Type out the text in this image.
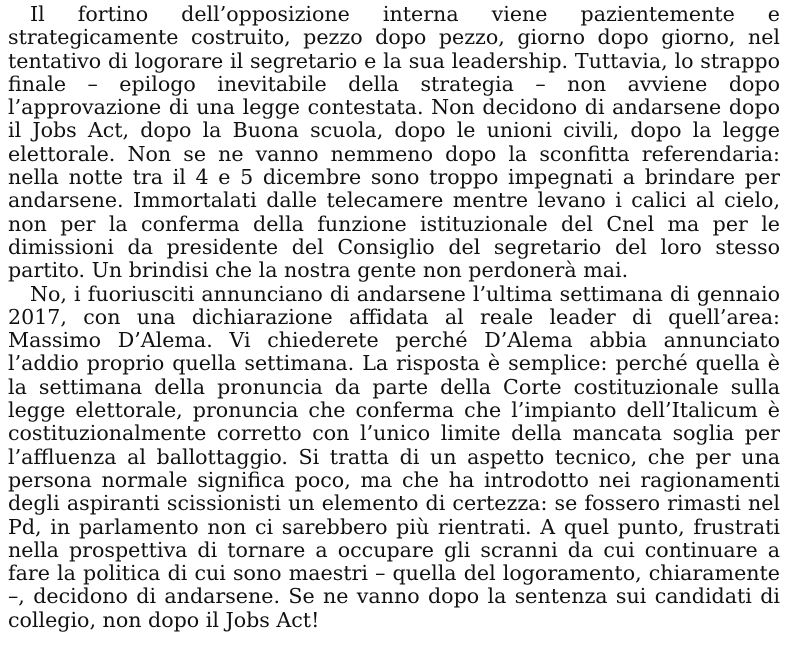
Il fortino dell’opposizione interna viene pazientemente e strategicamente costruito, pezzo dopo pezzo, giorno dopo giorno, nel tentativo di logorare il segretario e la sua leadership. Tuttavia, lo strappo finale – epilogo inevitabile della strategia – non avviene dopo l’approvazione di una legge contestata. Non decidono di andarsene dopo il Jobs Act, dopo la Buona scuola, dopo le unioni civili, dopo la legge elettorale. Non se ne vanno nemmeno dopo la sconfitta referendaria: nella notte tra il 4 e 5 dicembre sono troppo impegnati a brindare per andarsene. Immortalati dalle telecamere mentre levano i calici al cielo, non per la conferma della funzione istituzionale del Cnel ma per le dimissioni da presidente del Consiglio del segretario del loro stesso partito. Un brindisi che la nostra gente non perdonerà mai.

No, i fuoriusciti annunciano di andarsene l’ultima settimana di gennaio 2017, con una dichiarazione affidata al reale leader di quell’area: Massimo D’Alema. Vi chiederete perché D’Alema abbia annunciato l’addio proprio quella settimana. La risposta è semplice: perché quella è la settimana della pronuncia da parte della Corte costituzionale sulla legge elettorale, pronuncia che conferma che l’impianto dell’Italicum è costituzionalmente corretto con l’unico limite della mancata soglia per l’affluenza al ballottaggio. Si tratta di un aspetto tecnico, che per una persona normale significa poco, ma che ha introdotto nei ragionamenti degli aspiranti scissionisti un elemento di certezza: se fossero rimasti nel Pd, in parlamento non ci sarebbero più rientrati. A quel punto, frustrati nella prospettiva di tornare a occupare gli scranni da cui continuare a fare la politica di cui sono maestri – quella del logoramento, chiaramente –, decidono di andarsene. Se ne vanno dopo la sentenza sui candidati di collegio, non dopo il Jobs Act!
